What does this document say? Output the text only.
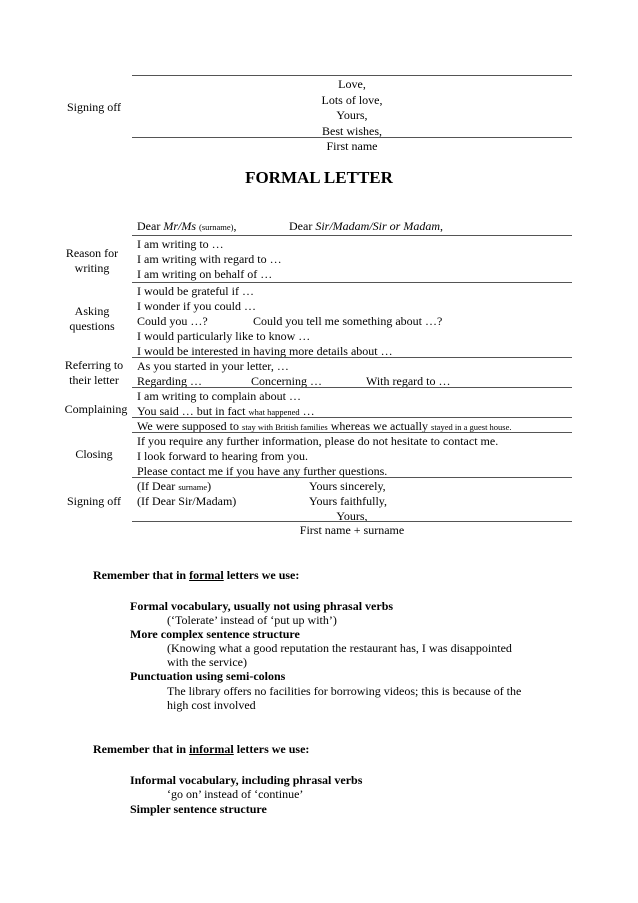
Signing off
Love,
Lots of love,
Yours,
Best wishes,
First name
FORMAL LETTER
Dear Mr/Ms (surname),	Dear Sir/Madam/Sir or Madam,
Reason for writing
I am writing to …
I am writing with regard to …
I am writing on behalf of …
Asking questions
I would be grateful if …
I wonder if you could …
Could you …?	Could you tell me something about …?
I would particularly like to know …
I would be interested in having more details about …
Referring to their letter
As you started in your letter, …
Regarding …	Concerning …	With regard to …
Complaining
I am writing to complain about …
You said … but in fact what happened …
We were supposed to stay with British families whereas we actually stayed in a guest house.
Closing
If you require any further information, please do not hesitate to contact me.
I look forward to hearing from you.
Please contact me if you have any further questions.
Signing off
(If Dear surname)	Yours sincerely,
(If Dear Sir/Madam)	Yours faithfully,
Yours,
First name + surname
Remember that in formal letters we use:
Formal vocabulary, usually not using phrasal verbs
(‘Tolerate’ instead of ‘put up with’)
More complex sentence structure
(Knowing what a good reputation the restaurant has, I was disappointed
with the service)
Punctuation using semi-colons
The library offers no facilities for borrowing videos; this is because of the
high cost involved
Remember that in informal letters we use:
Informal vocabulary, including phrasal verbs
‘go on’ instead of ‘continue’
Simpler sentence structure
